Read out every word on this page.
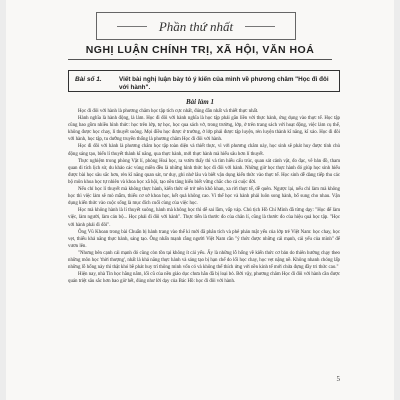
Phần thứ nhất
NGHỊ LUẬN CHÍNH TRỊ, XÃ HỘI, VĂN HOÁ
Bài số 1.	Viết bài nghị luận bày tỏ ý kiến của mình về phương châm "Học đi đôi với hành".
Bài làm 1

Học đi đôi với hành là phương châm học tập tích cực nhất, đúng đắn nhất và thiết thực nhất.

Hành nghĩa là hành động, là làm. Học đi đôi với hành nghĩa là học tập phải gắn liền với thực hành, ứng dụng vào thực tế. Học tập cũng bao gồm nhiều hình thức: học trên lớp, tự học, học qua sách vở, trong trường, lớp, ở trên trang sách với hoạt động, việc làm cụ thể, không được học chay, lí thuyết suông. Mọi điều học được ở trường, ở lớp phải được tập luyện, rèn luyện thành kĩ năng, kĩ xảo. Học đi đôi với hành, học tập, tu dưỡng truyền thống là phương châm Học đi đôi với hành.

Học đi đôi với hành là phương châm học tập toàn diện và thiết thực, vì với phương châm này, học sinh sẽ phát huy được tính chủ động sáng tạo, biến lí thuyết thành kĩ năng, qua thực hành, mới thực hành mà hiểu sâu hơn lí thuyết.

Thực nghiệm trong phòng Vật lí, phòng Hoá học, ra vườn thấy thì và tìm hiểu cấu trúc, quan sát cảnh vật, đo đạc, vẽ bản đồ, tham quan di tích lịch sử, du khảo các vùng miền đều là những hình thức học đi đôi với hành. Những giờ học thực hành đó giúp học sinh hiểu được bài học sâu sắc hơn, rèn kĩ năng quan sát, tư duy, ghi nhớ lâu và biết vận dụng kiến thức vào thực tế. Học sinh dễ dàng tiếp thu các bộ môn khoa học tự nhiên và khoa học xã hội, tạo nền tảng hiểu biết vững chắc cho cả cuộc đời.

Nếu chỉ học lí thuyết mà không thực hành, kiến thức sẽ trở nên khô khan, xa rời thực tế, dễ quên. Ngược lại, nếu chỉ làm mà không học thì việc làm sẽ mò mẫm, thiếu cơ sở khoa học, kết quả không cao. Vì thế học và hành phải luôn song hành, bổ sung cho nhau. Vận dụng kiến thức vào cuộc sống là mục đích cuối cùng của việc học.

Học mà không hành là lí thuyết suông, hành mà không học thì dễ sai lầm, vấp váp. Chủ tịch Hồ Chí Minh đã từng dạy: "Học để làm việc, làm người, làm cán bộ... Học phải đi đôi với hành". Thực tiễn là thước đo của chân lí, cũng là thước đo của hiệu quả học tập. "Học với hành phải đi đôi".

Ông Vũ Khoan trong bài Chuẩn bị hành trang vào thế kỉ mới đã phân tích và phê phán mặt yếu của lớp trẻ Việt Nam: học chay, học vẹt, thiếu khả năng thực hành, sáng tạo. Ông nhấn mạnh rằng người Việt Nam cần "ý thức được những cái mạnh, cái yếu của mình" để vươn lên.

"Nhưng bên cạnh cái mạnh đó cũng còn tồn tại không ít cái yếu. Ấy là những lỗ hổng về kiến thức cơ bản do thiên hướng chạy theo những môn học 'thời thượng', nhất là khả năng thực hành và sáng tạo bị hạn chế do lối học chay, học vẹt nặng nề. Không nhanh chóng lấp những lỗ hổng này thì thật khó bề phát huy trí thông minh vốn có và không thể thích ứng với nền kinh tế mới chứa đựng đầy tri thức cao."

Hiện nay, nhà Tin học hằng năm, lối cũ của nền giáo dục chưa hẳn đã bị loại bỏ. Bởi vậy, phương châm Học đi đôi với hành cần được quán triệt sâu sắc hơn bao giờ hết, đúng như lời dạy của Bác Hồ: học đi đôi với hành.

5
